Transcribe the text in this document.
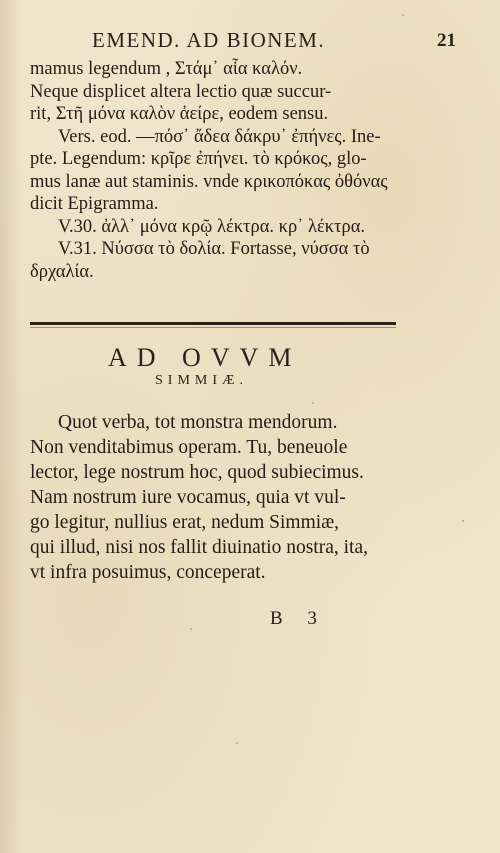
EMEND. AD BIONEM.	21
mamus legendum , Στάμ᾽ αἷα καλόν.
Neque displicet altera lectio quæ succur-
rit, Στῆ μόνα καλὸν ἀείρε, eodem sensu.
Vers. eod. —πόσ᾽ ἄδεα δάκρυ᾽ ἐπήνες. Ine-
pte. Legendum: κρῖρε ἐπήνει. τὸ κρόκος, glo-
mus lanæ aut staminis. vnde κρικοπόκας ὀθόνας
dicit Epigramma.
V.30. ἀλλ᾽ μόνα κρῷ λέκτρα. κρ᾽ λέκτρα.
V.31. Νύσσα τὸ δολία. Fortasse, νύσσα τὸ
δρχαλία.
AD OVVM
SIMMIÆ.
Quot verba, tot monstra mendorum.
Non venditabimus operam. Tu, beneuole
lector, lege nostrum hoc, quod subiecimus.
Nam nostrum iure vocamus, quia vt vul-
go legitur, nullius erat, nedum Simmiæ,
qui illud, nisi nos fallit diuinatio nostra, ita,
vt infra posuimus, conceperat.
B 3
